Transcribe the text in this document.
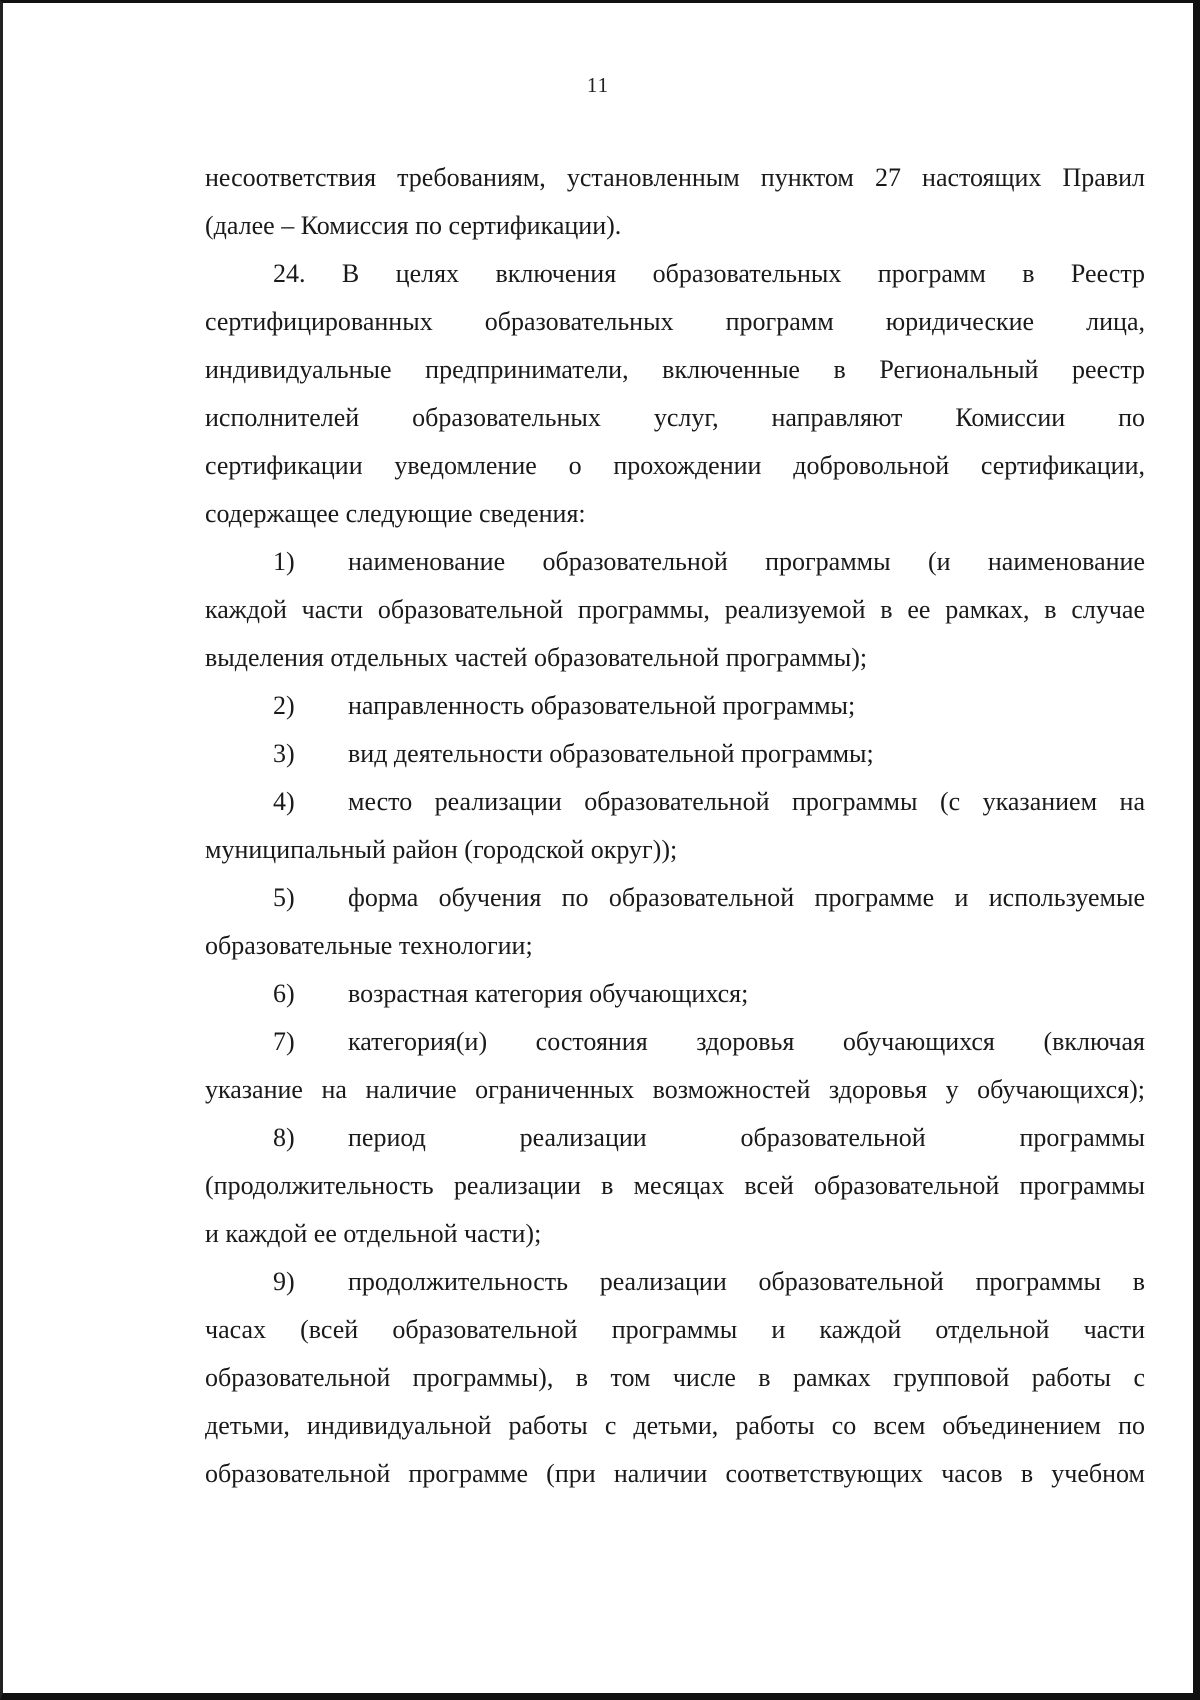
11
несоответствия требованиям, установленным пунктом 27 настоящих Правил
(далее – Комиссия по сертификации).
24. В целях включения образовательных программ в Реестр
сертифицированных образовательных программ юридические лица,
индивидуальные предприниматели, включенные в Региональный реестр
исполнителей образовательных услуг, направляют Комиссии по
сертификации уведомление о прохождении добровольной сертификации,
содержащее следующие сведения:
1)	наименование образовательной программы (и наименование
каждой части образовательной программы, реализуемой в ее рамках, в случае
выделения отдельных частей образовательной программы);
2)	направленность образовательной программы;
3)	вид деятельности образовательной программы;
4)	место реализации образовательной программы (с указанием на
муниципальный район (городской округ));
5)	форма обучения по образовательной программе и используемые
образовательные технологии;
6)	возрастная категория обучающихся;
7)	категория(и) состояния здоровья обучающихся (включая
указание на наличие ограниченных возможностей здоровья у обучающихся);
8)	период реализации образовательной программы
(продолжительность реализации в месяцах всей образовательной программы
и каждой ее отдельной части);
9)	продолжительность реализации образовательной программы в
часах (всей образовательной программы и каждой отдельной части
образовательной программы), в том числе в рамках групповой работы с
детьми, индивидуальной работы с детьми, работы со всем объединением по
образовательной программе (при наличии соответствующих часов в учебном
